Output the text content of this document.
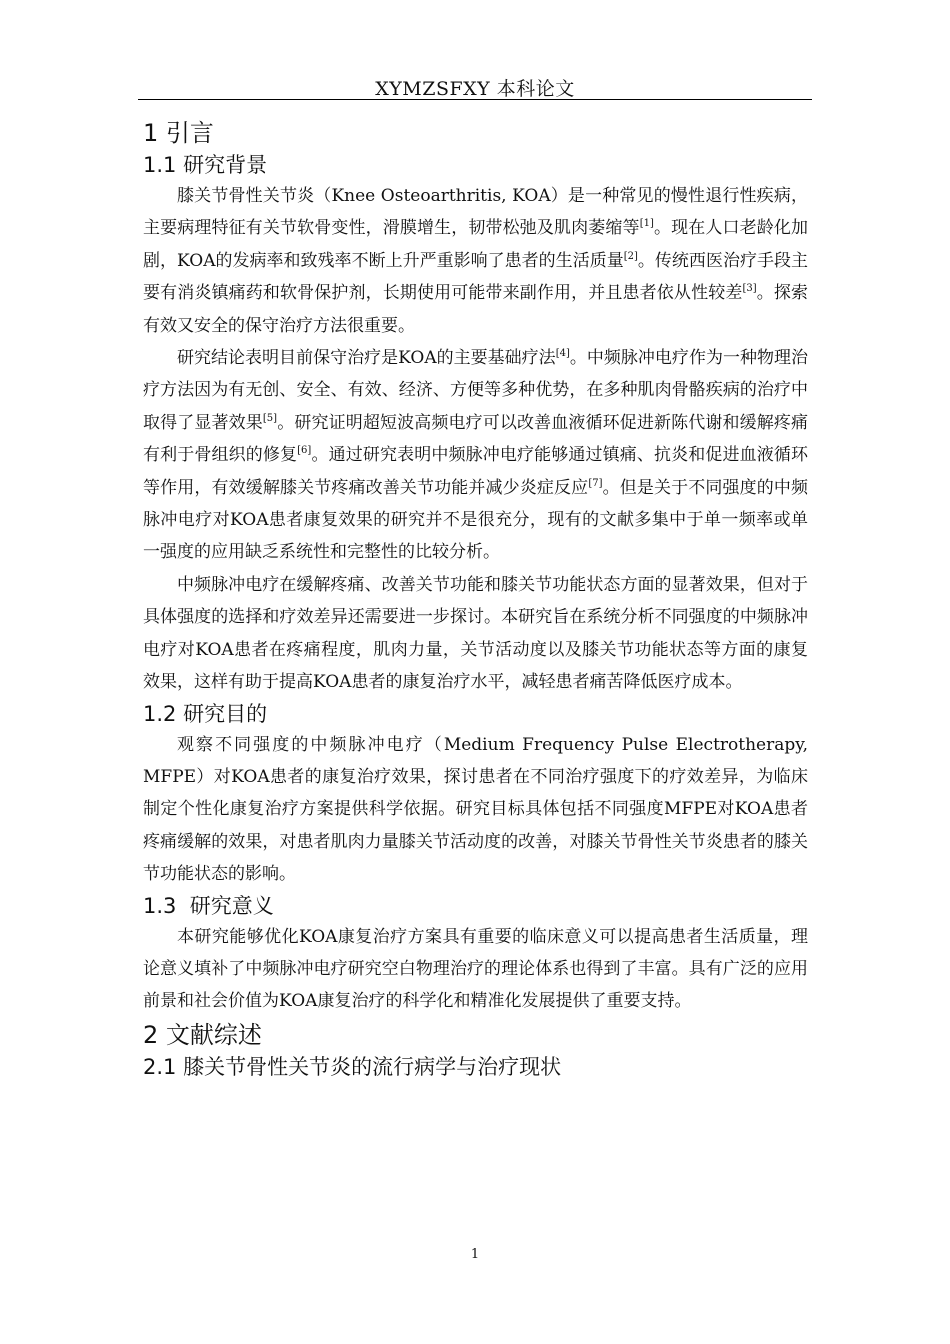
XYMZSFXY 本科论文
1 引言
1.1 研究背景

膝关节骨性关节炎（Knee Osteoarthritis, KOA）是一种常见的慢性退行性疾病，主要病理特征有关节软骨变性，滑膜增生，韧带松弛及肌肉萎缩等[1]。现在人口老龄化加剧，KOA的发病率和致残率不断上升严重影响了患者的生活质量[2]。传统西医治疗手段主要有消炎镇痛药和软骨保护剂，长期使用可能带来副作用，并且患者依从性较差[3]。探索有效又安全的保守治疗方法很重要。

研究结论表明目前保守治疗是KOA的主要基础疗法[4]。中频脉冲电疗作为一种物理治疗方法因为有无创、安全、有效、经济、方便等多种优势，在多种肌肉骨骼疾病的治疗中取得了显著效果[5]。研究证明超短波高频电疗可以改善血液循环促进新陈代谢和缓解疼痛有利于骨组织的修复[6]。通过研究表明中频脉冲电疗能够通过镇痛、抗炎和促进血液循环等作用，有效缓解膝关节疼痛改善关节功能并减少炎症反应[7]。但是关于不同强度的中频脉冲电疗对KOA患者康复效果的研究并不是很充分，现有的文献多集中于单一频率或单一强度的应用缺乏系统性和完整性的比较分析。

中频脉冲电疗在缓解疼痛、改善关节功能和膝关节功能状态方面的显著效果，但对于具体强度的选择和疗效差异还需要进一步探讨。本研究旨在系统分析不同强度的中频脉冲电疗对KOA患者在疼痛程度，肌肉力量，关节活动度以及膝关节功能状态等方面的康复效果，这样有助于提高KOA患者的康复治疗水平，减轻患者痛苦降低医疗成本。

1.2 研究目的

观察不同强度的中频脉冲电疗（Medium Frequency Pulse Electrotherapy, MFPE）对KOA患者的康复治疗效果，探讨患者在不同治疗强度下的疗效差异，为临床制定个性化康复治疗方案提供科学依据。研究目标具体包括不同强度MFPE对KOA患者疼痛缓解的效果，对患者肌肉力量膝关节活动度的改善，对膝关节骨性关节炎患者的膝关节功能状态的影响。

1.3  研究意义

本研究能够优化KOA康复治疗方案具有重要的临床意义可以提高患者生活质量，理论意义填补了中频脉冲电疗研究空白物理治疗的理论体系也得到了丰富。具有广泛的应用前景和社会价值为KOA康复治疗的科学化和精准化发展提供了重要支持。

2 文献综述
2.1 膝关节骨性关节炎的流行病学与治疗现状
1
